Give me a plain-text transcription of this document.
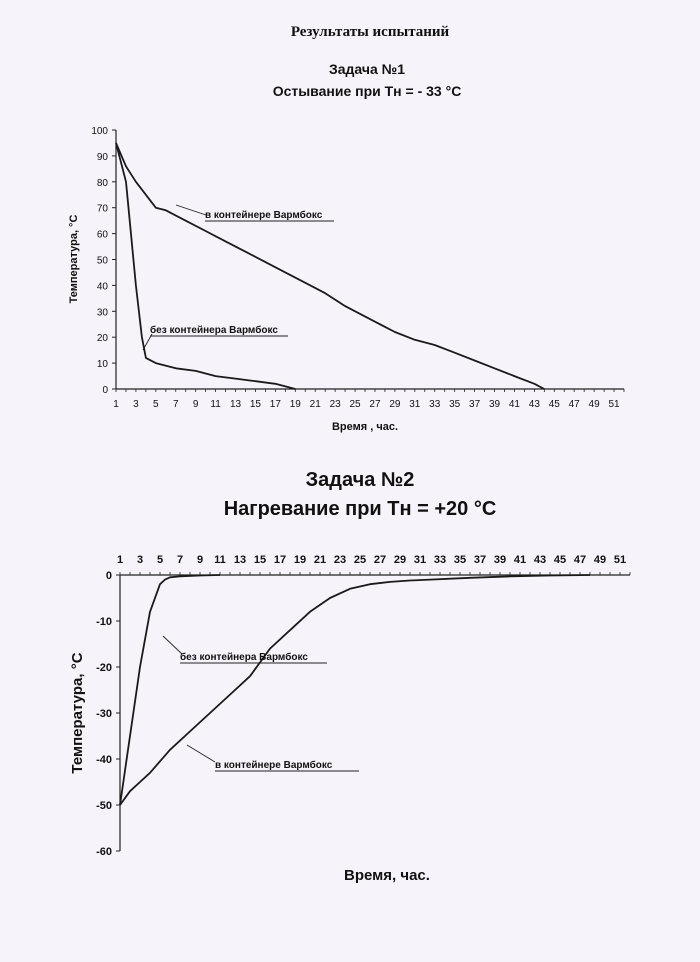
Результаты испытаний
Задача №1
Остывание при Тн = - 33 °С
Задача №2
Нагревание при Тн = +20 °С
1 3 5 7 9 11 13 15 17 19 21 23 25 27 29 31 33 35 37 39 41 43 45 47 49 51
0
10
20
30
40
50
60
70
80
90
100
Время , час.
Температура, °С	в контейнере Вармбокс
без контейнера Вармбокс
1 3 5 7 9 11 13 15 17 19 21 23 25 27 29 31 33 35 37 39 41 43 45 47 49 51
0
-10
-20
-30
-40
-50
-60
Время, час.
Температура, °С	без контейнера Вармбокс
в контейнере Вармбокс
